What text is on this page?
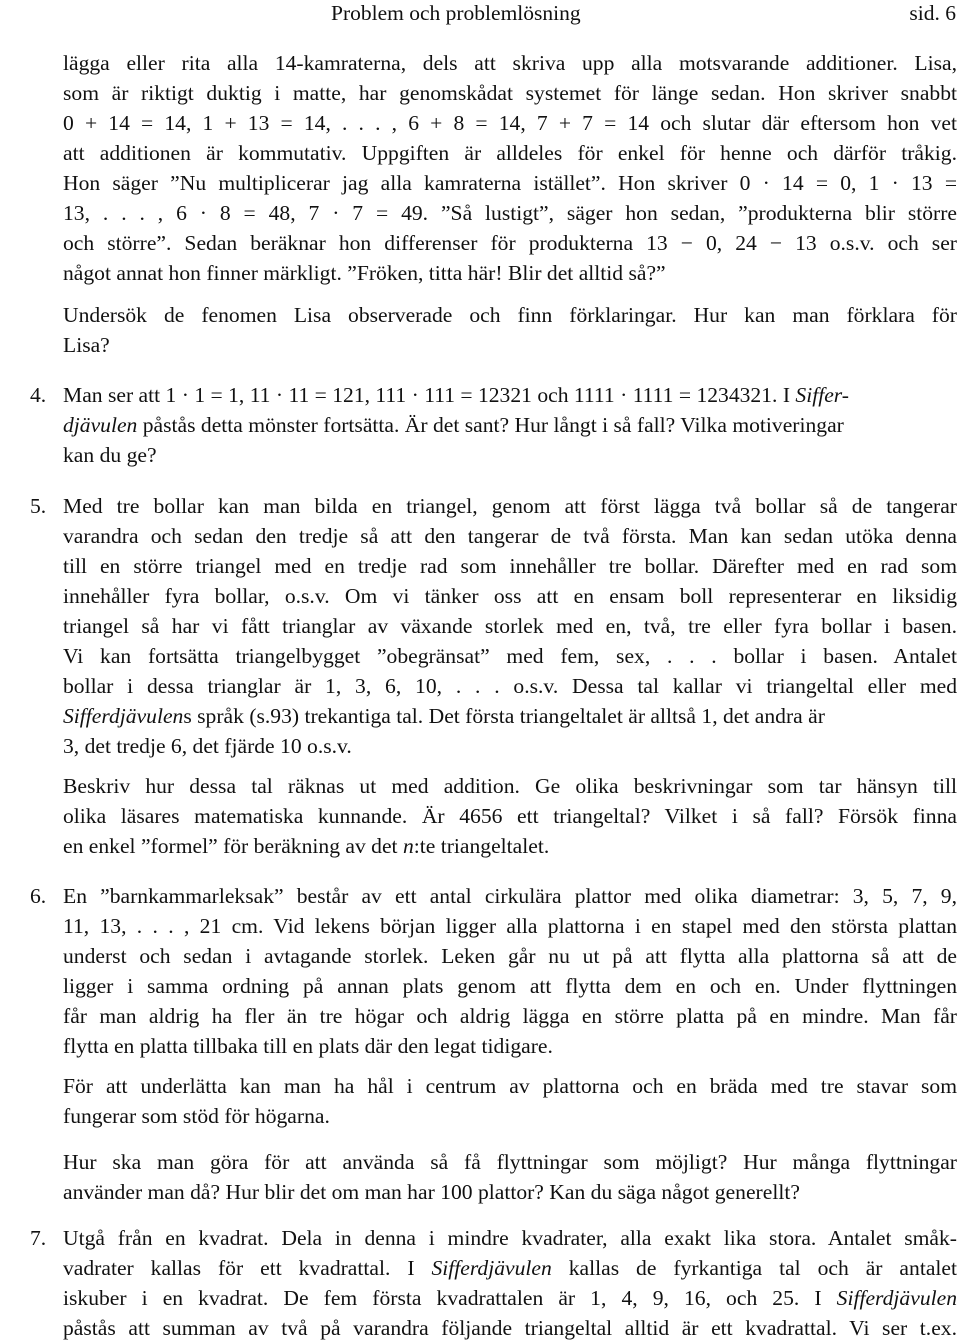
Problem och problemlösning	sid. 6
lägga eller rita alla 14-kamraterna, dels att skriva upp alla motsvarande additioner. Lisa,
som är riktigt duktig i matte, har genomskådat systemet för länge sedan. Hon skriver snabbt
0 + 14 = 14, 1 + 13 = 14, . . . , 6 + 8 = 14, 7 + 7 = 14 och slutar där eftersom hon vet
att additionen är kommutativ. Uppgiften är alldeles för enkel för henne och därför tråkig.
Hon säger ”Nu multiplicerar jag alla kamraterna istället”. Hon skriver 0 · 14 = 0, 1 · 13 =
13, . . . , 6 · 8 = 48, 7 · 7 = 49. ”Så lustigt”, säger hon sedan, ”produkterna blir större
och större”. Sedan beräknar hon differenser för produkterna 13 − 0, 24 − 13 o.s.v. och ser
något annat hon finner märkligt. ”Fröken, titta här! Blir det alltid så?”
Undersök de fenomen Lisa observerade och finn förklaringar. Hur kan man förklara för
Lisa?
4. Man ser att 1 · 1 = 1, 11 · 11 = 121, 111 · 111 = 12321 och 1111 · 1111 = 1234321. I Siffer-
djävulen påstås detta mönster fortsätta. Är det sant? Hur långt i så fall? Vilka motiveringar
kan du ge?
5. Med tre bollar kan man bilda en triangel, genom att först lägga två bollar så de tangerar
varandra och sedan den tredje så att den tangerar de två första. Man kan sedan utöka denna
till en större triangel med en tredje rad som innehåller tre bollar. Därefter med en rad som
innehåller fyra bollar, o.s.v. Om vi tänker oss att en ensam boll representerar en liksidig
triangel så har vi fått trianglar av växande storlek med en, två, tre eller fyra bollar i basen.
Vi kan fortsätta triangelbygget ”obegränsat” med fem, sex, . . . bollar i basen. Antalet
bollar i dessa trianglar är 1, 3, 6, 10, . . . o.s.v. Dessa tal kallar vi triangeltal eller med
Sifferdjävulens språk (s.93) trekantiga tal. Det första triangeltalet är alltså 1, det andra är
3, det tredje 6, det fjärde 10 o.s.v.
Beskriv hur dessa tal räknas ut med addition. Ge olika beskrivningar som tar hänsyn till
olika läsares matematiska kunnande. Är 4656 ett triangeltal? Vilket i så fall? Försök finna
en enkel ”formel” för beräkning av det n:te triangeltalet.
6. En ”barnkammarleksak” består av ett antal cirkulära plattor med olika diametrar: 3, 5, 7, 9,
11, 13, . . . , 21 cm. Vid lekens början ligger alla plattorna i en stapel med den största plattan
underst och sedan i avtagande storlek. Leken går nu ut på att flytta alla plattorna så att de
ligger i samma ordning på annan plats genom att flytta dem en och en. Under flyttningen
får man aldrig ha fler än tre högar och aldrig lägga en större platta på en mindre. Man får
flytta en platta tillbaka till en plats där den legat tidigare.
För att underlätta kan man ha hål i centrum av plattorna och en bräda med tre stavar som
fungerar som stöd för högarna.
Hur ska man göra för att använda så få flyttningar som möjligt? Hur många flyttningar
använder man då? Hur blir det om man har 100 plattor? Kan du säga något generellt?
7. Utgå från en kvadrat. Dela in denna i mindre kvadrater, alla exakt lika stora. Antalet småk-
vadrater kallas för ett kvadrattal. I Sifferdjävulen kallas de fyrkantiga tal och är antalet
iskuber i en kvadrat. De fem första kvadrattalen är 1, 4, 9, 16, och 25. I Sifferdjävulen
påstås att summan av två på varandra följande triangeltal alltid är ett kvadrattal. Vi ser t.ex.
